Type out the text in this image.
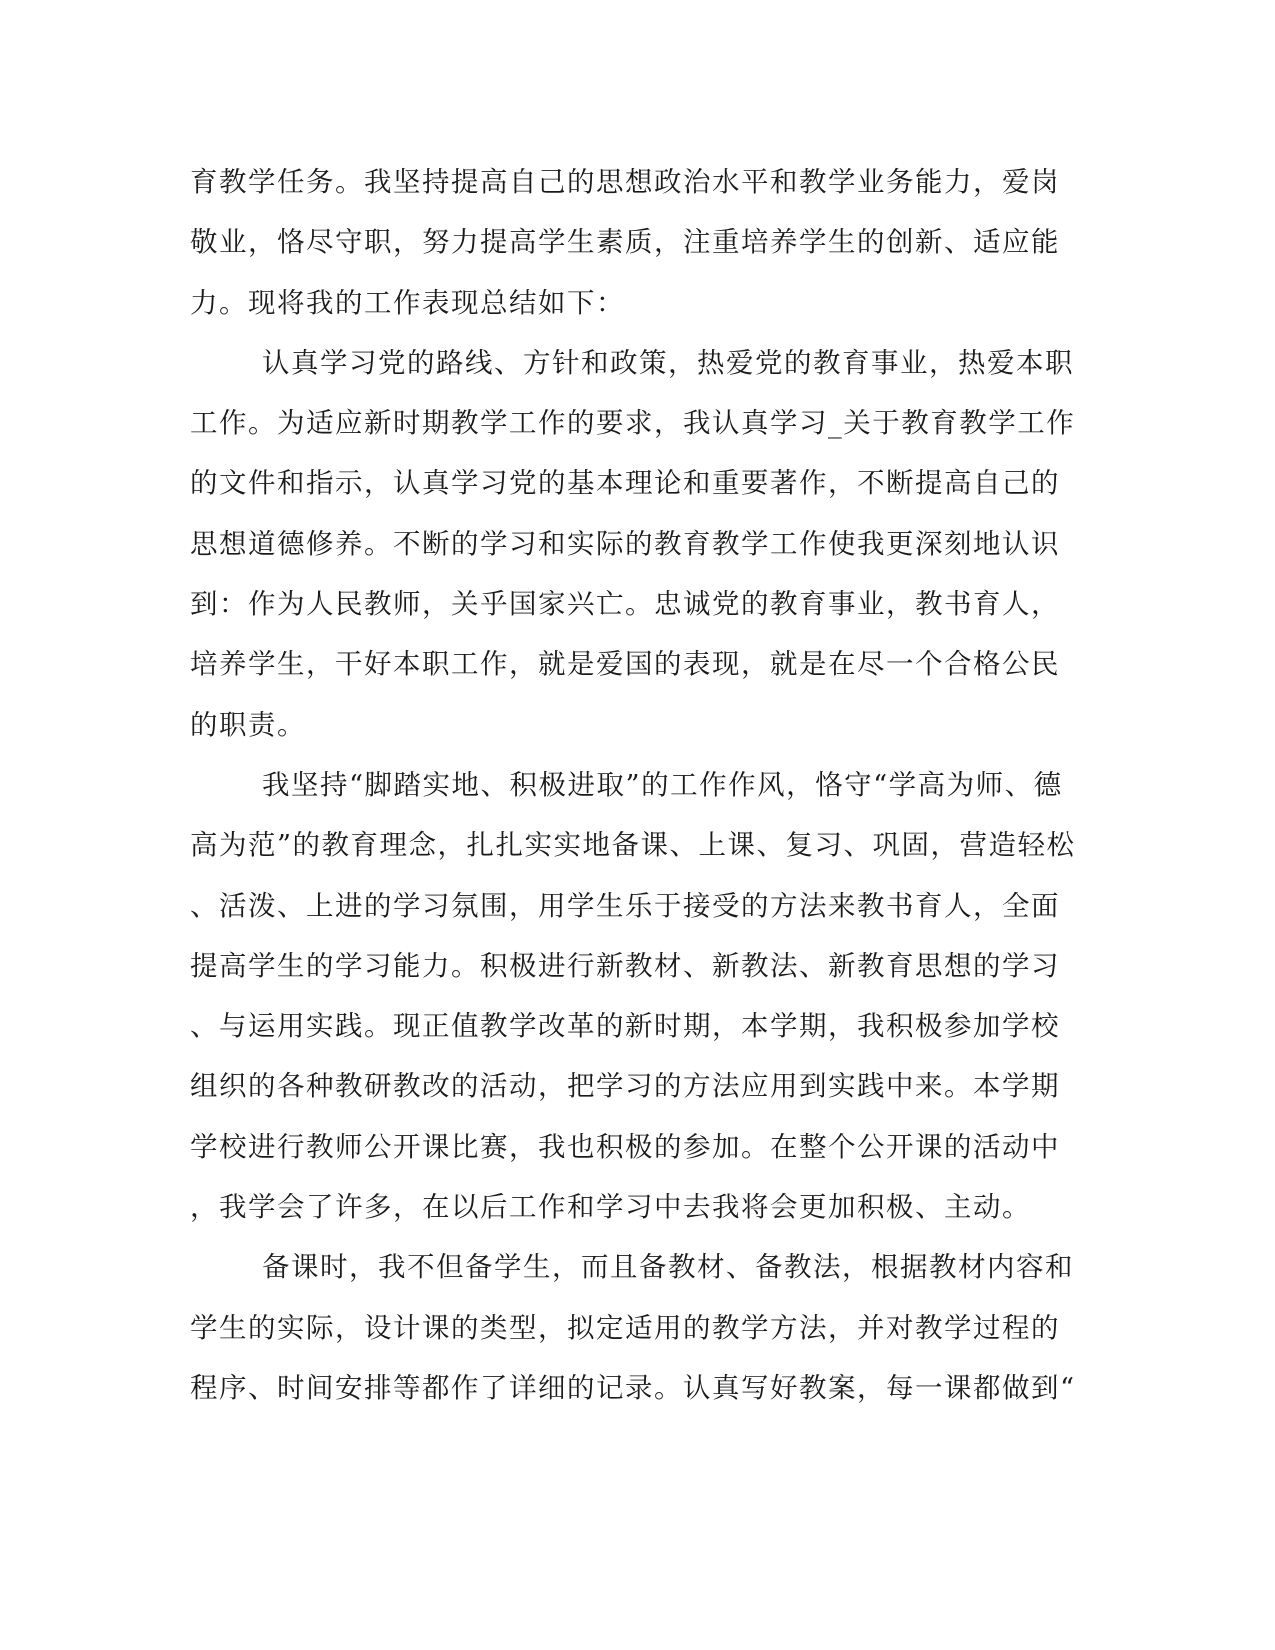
育教学任务。我坚持提高自己的思想政治水平和教学业务能力，爱岗
敬业，恪尽守职，努力提高学生素质，注重培养学生的创新、适应能
力。现将我的工作表现总结如下：
认真学习党的路线、方针和政策，热爱党的教育事业，热爱本职
工作。为适应新时期教学工作的要求，我认真学习_关于教育教学工作
的文件和指示，认真学习党的基本理论和重要著作，不断提高自己的
思想道德修养。不断的学习和实际的教育教学工作使我更深刻地认识
到：作为人民教师，关乎国家兴亡。忠诚党的教育事业，教书育人，
培养学生，干好本职工作，就是爱国的表现，就是在尽一个合格公民
的职责。
我坚持“脚踏实地、积极进取”的工作作风，恪守“学高为师、德
高为范”的教育理念，扎扎实实地备课、上课、复习、巩固，营造轻松
、活泼、上进的学习氛围，用学生乐于接受的方法来教书育人，全面
提高学生的学习能力。积极进行新教材、新教法、新教育思想的学习
、与运用实践。现正值教学改革的新时期，本学期，我积极参加学校
组织的各种教研教改的活动，把学习的方法应用到实践中来。本学期
学校进行教师公开课比赛，我也积极的参加。在整个公开课的活动中
，我学会了许多，在以后工作和学习中去我将会更加积极、主动。
备课时，我不但备学生，而且备教材、备教法，根据教材内容和
学生的实际，设计课的类型，拟定适用的教学方法，并对教学过程的
程序、时间安排等都作了详细的记录。认真写好教案，每一课都做到“
